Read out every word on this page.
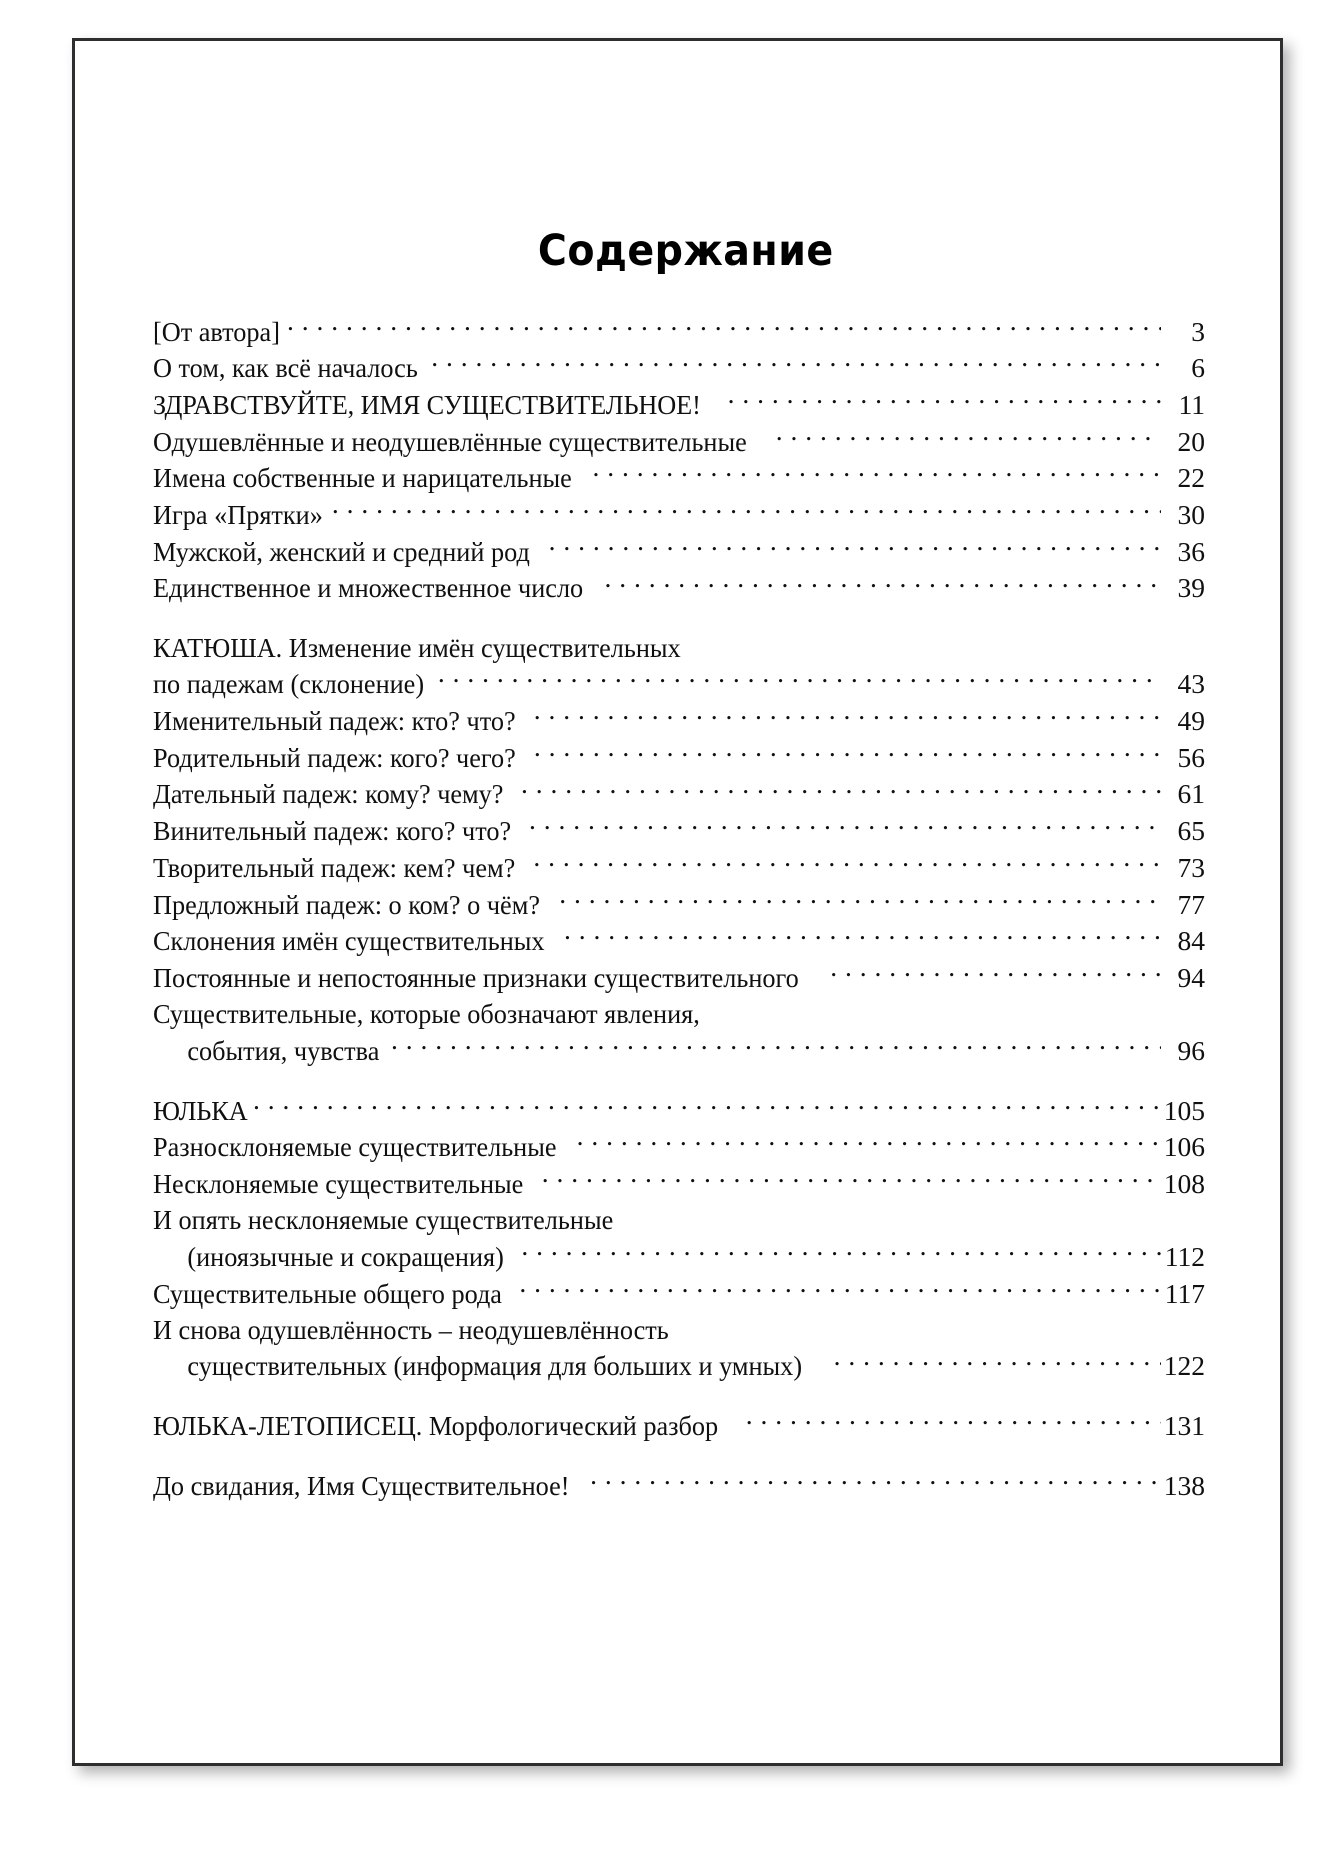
Содержание
[От автора] . . .	3
О том, как всё началось . . .	6
ЗДРАВСТВУЙТЕ, ИМЯ СУЩЕСТВИТЕЛЬНОЕ! . . .	11
Одушевлённые и неодушевлённые существительные . . .	20
Имена собственные и нарицательные . . .	22
Игра «Прятки» . . .	30
Мужской, женский и средний род . . .	36
Единственное и множественное число . . .	39
КАТЮША. Изменение имён существительных
по падежам (склонение) . . .	43
Именительный падеж: кто? что? . . .	49
Родительный падеж: кого? чего? . . .	56
Дательный падеж: кому? чему? . . .	61
Винительный падеж: кого? что? . . .	65
Творительный падеж: кем? чем? . . .	73
Предложный падеж: о ком? о чём? . . .	77
Склонения имён существительных . . .	84
Постоянные и непостоянные признаки существительного . . .	94
Существительные, которые обозначают явления,
события, чувства . . .	96
ЮЛЬКА . . .	105
Разносклоняемые существительные . . .	106
Несклоняемые существительные . . .	108
И опять несклоняемые существительные
(иноязычные и сокращения) . . .	112
Существительные общего рода . . .	117
И снова одушевлённость – неодушевлённость
существительных (информация для больших и умных) . . .	122
ЮЛЬКА-ЛЕТОПИСЕЦ. Морфологический разбор . . .	131
До свидания, Имя Существительное! . . .	138
